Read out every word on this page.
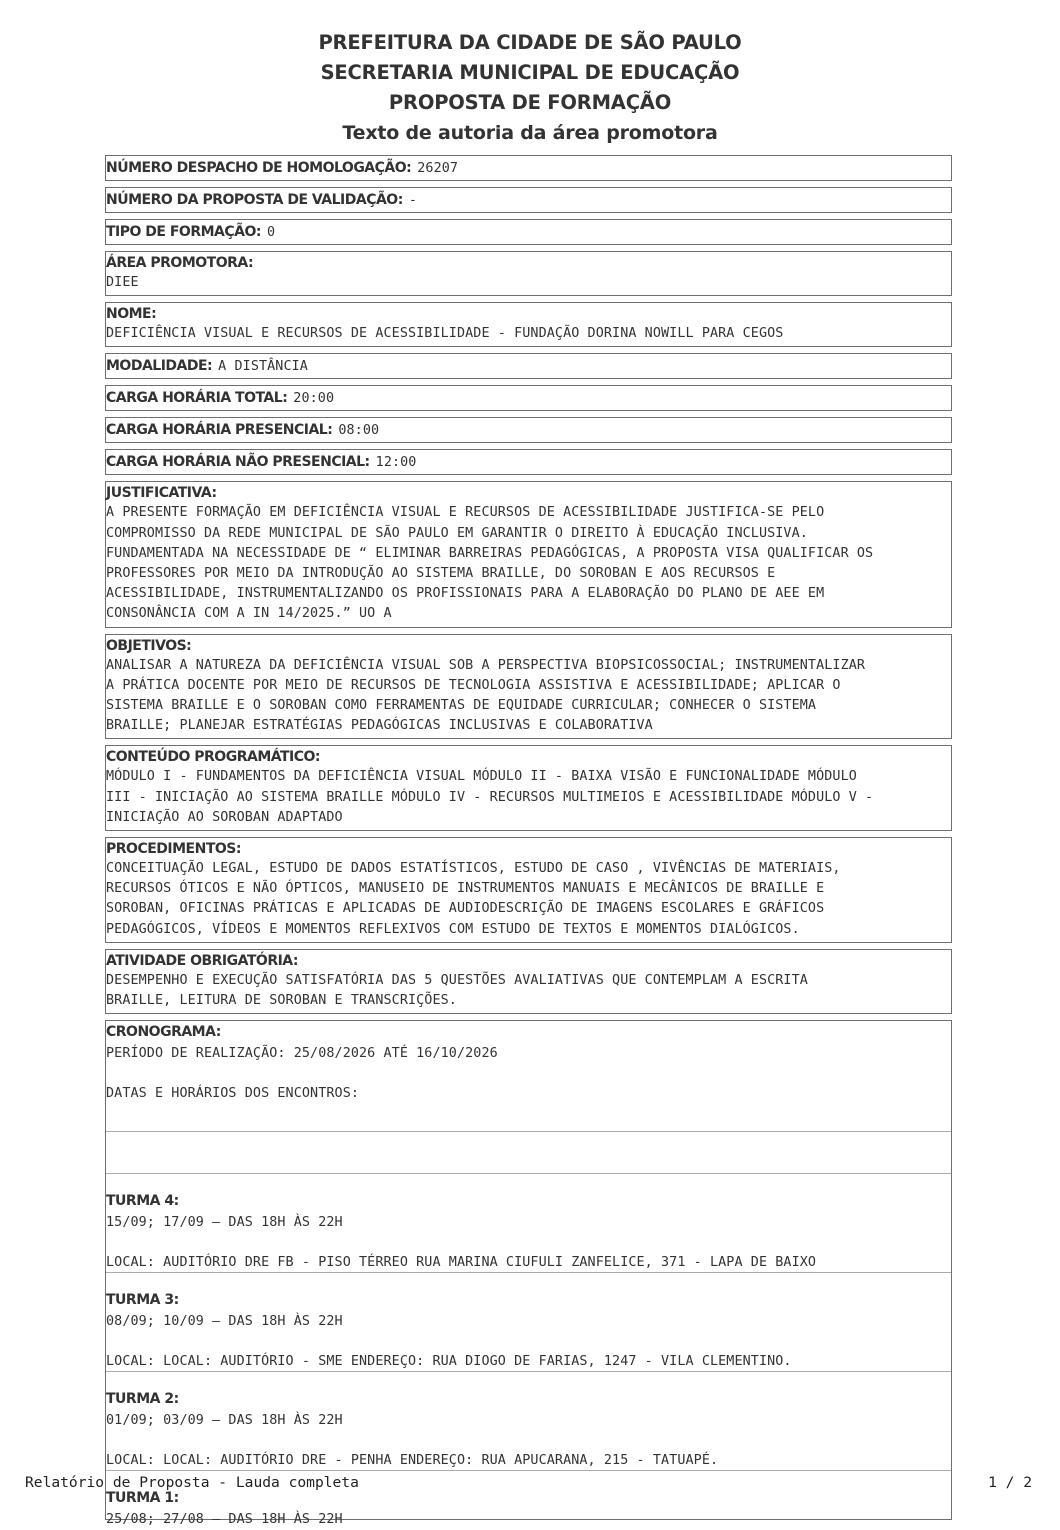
PREFEITURA DA CIDADE DE SÃO PAULO
SECRETARIA MUNICIPAL DE EDUCAÇÃO
PROPOSTA DE FORMAÇÃO
Texto de autoria da área promotora
NÚMERO DESPACHO DE HOMOLOGAÇÃO: 26207
NÚMERO DA PROPOSTA DE VALIDAÇÃO: -
TIPO DE FORMAÇÃO: 0
ÁREA PROMOTORA:
DIEE
NOME:
DEFICIÊNCIA VISUAL E RECURSOS DE ACESSIBILIDADE - FUNDAÇÃO DORINA NOWILL PARA CEGOS
MODALIDADE: A DISTÂNCIA
CARGA HORÁRIA TOTAL: 20:00
CARGA HORÁRIA PRESENCIAL: 08:00
CARGA HORÁRIA NÃO PRESENCIAL: 12:00
JUSTIFICATIVA:
A PRESENTE FORMAÇÃO EM DEFICIÊNCIA VISUAL E RECURSOS DE ACESSIBILIDADE JUSTIFICA-SE PELO
COMPROMISSO DA REDE MUNICIPAL DE SÃO PAULO EM GARANTIR O DIREITO À EDUCAÇÃO INCLUSIVA.
FUNDAMENTADA NA NECESSIDADE DE “ ELIMINAR BARREIRAS PEDAGÓGICAS, A PROPOSTA VISA QUALIFICAR OS
PROFESSORES POR MEIO DA INTRODUÇÃO AO SISTEMA BRAILLE, DO SOROBAN E AOS RECURSOS E
ACESSIBILIDADE, INSTRUMENTALIZANDO OS PROFISSIONAIS PARA A ELABORAÇÃO DO PLANO DE AEE EM
CONSONÂNCIA COM A IN 14/2025.” UO A
OBJETIVOS:
ANALISAR A NATUREZA DA DEFICIÊNCIA VISUAL SOB A PERSPECTIVA BIOPSICOSSOCIAL; INSTRUMENTALIZAR
A PRÁTICA DOCENTE POR MEIO DE RECURSOS DE TECNOLOGIA ASSISTIVA E ACESSIBILIDADE; APLICAR O
SISTEMA BRAILLE E O SOROBAN COMO FERRAMENTAS DE EQUIDADE CURRICULAR; CONHECER O SISTEMA
BRAILLE; PLANEJAR ESTRATÉGIAS PEDAGÓGICAS INCLUSIVAS E COLABORATIVA
CONTEÚDO PROGRAMÁTICO:
MÓDULO I - FUNDAMENTOS DA DEFICIÊNCIA VISUAL MÓDULO II - BAIXA VISÃO E FUNCIONALIDADE MÓDULO
III - INICIAÇÃO AO SISTEMA BRAILLE MÓDULO IV - RECURSOS MULTIMEIOS E ACESSIBILIDADE MÓDULO V -
INICIAÇÃO AO SOROBAN ADAPTADO
PROCEDIMENTOS:
CONCEITUAÇÃO LEGAL, ESTUDO DE DADOS ESTATÍSTICOS, ESTUDO DE CASO , VIVÊNCIAS DE MATERIAIS,
RECURSOS ÓTICOS E NÃO ÓPTICOS, MANUSEIO DE INSTRUMENTOS MANUAIS E MECÂNICOS DE BRAILLE E
SOROBAN, OFICINAS PRÁTICAS E APLICADAS DE AUDIODESCRIÇÃO DE IMAGENS ESCOLARES E GRÁFICOS
PEDAGÓGICOS, VÍDEOS E MOMENTOS REFLEXIVOS COM ESTUDO DE TEXTOS E MOMENTOS DIALÓGICOS.
ATIVIDADE OBRIGATÓRIA:
DESEMPENHO E EXECUÇÃO SATISFATÓRIA DAS 5 QUESTÕES AVALIATIVAS QUE CONTEMPLAM A ESCRITA
BRAILLE, LEITURA DE SOROBAN E TRANSCRIÇÕES.
CRONOGRAMA:
PERÍODO DE REALIZAÇÃO: 25/08/2026 ATÉ 16/10/2026
DATAS E HORÁRIOS DOS ENCONTROS:
TURMA 4:
15/09; 17/09 — DAS 18H ÀS 22H
LOCAL: AUDITÓRIO DRE FB - PISO TÉRREO RUA MARINA CIUFULI ZANFELICE, 371 - LAPA DE BAIXO
TURMA 3:
08/09; 10/09 — DAS 18H ÀS 22H
LOCAL: LOCAL: AUDITÓRIO - SME ENDEREÇO: RUA DIOGO DE FARIAS, 1247 - VILA CLEMENTINO.
TURMA 2:
01/09; 03/09 — DAS 18H ÀS 22H
LOCAL: LOCAL: AUDITÓRIO DRE - PENHA ENDEREÇO: RUA APUCARANA, 215 - TATUAPÉ.
TURMA 1:
25/08; 27/08 — DAS 18H ÀS 22H
Relatório de Proposta - Lauda completa	1 / 2
